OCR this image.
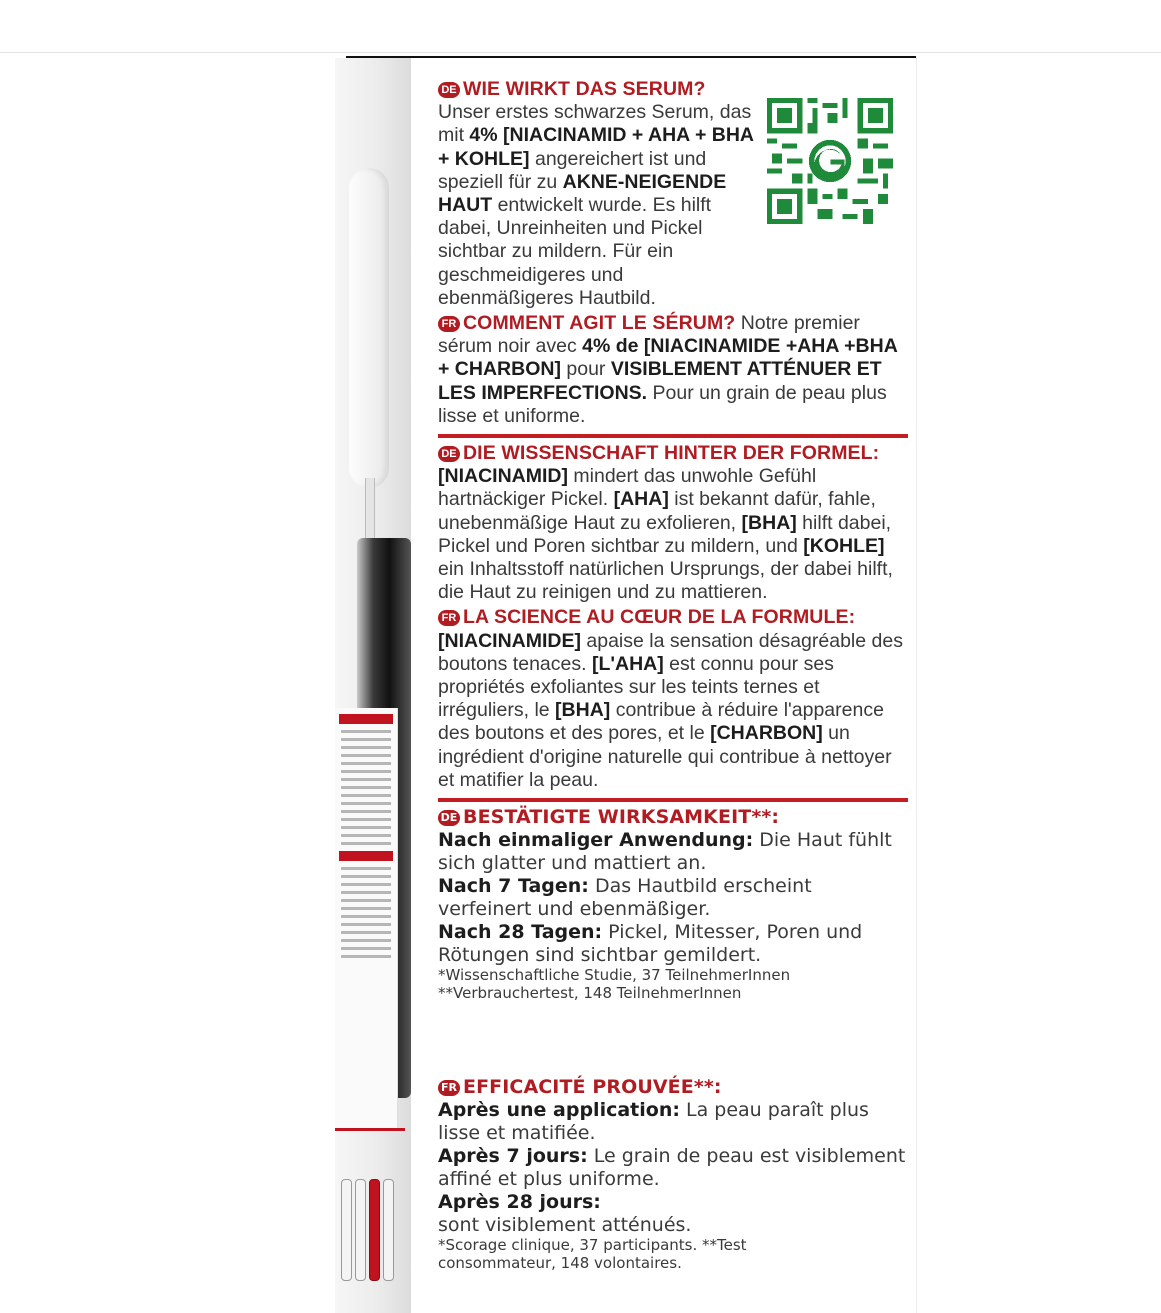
DE WIE WIRKT DAS SERUM? Unser erstes schwarzes Serum, das mit 4% [NIACINAMID + AHA + BHA + KOHLE] angereichert ist und speziell für zu AKNE-NEIGENDE HAUT entwickelt wurde. Es hilft dabei, Unreinheiten und Pickel sichtbar zu mildern. Für ein geschmeidigeres und ebenmäßigeres Hautbild.

FR COMMENT AGIT LE SÉRUM? Notre premier sérum noir avec 4% de [NIACINAMIDE +AHA +BHA + CHARBON] pour VISIBLEMENT ATTÉNUER ET LES IMPERFECTIONS. Pour un grain de peau plus lisse et uniforme.

DE DIE WISSENSCHAFT HINTER DER FORMEL:
[NIACINAMID] mindert das unwohle Gefühl hartnäckiger Pickel. [AHA] ist bekannt dafür, fahle, unebenmäßige Haut zu exfolieren, [BHA] hilft dabei, Pickel und Poren sichtbar zu mildern, und [KOHLE] ein Inhaltsstoff natürlichen Ursprungs, der dabei hilft, die Haut zu reinigen und zu mattieren.

FR LA SCIENCE AU CŒUR DE LA FORMULE:
[NIACINAMIDE] apaise la sensation désagréable des boutons tenaces. [L'AHA] est connu pour ses propriétés exfoliantes sur les teints ternes et irréguliers, le [BHA] contribue à réduire l'apparence des boutons et des pores, et le [CHARBON] un ingrédient d'origine naturelle qui contribue à nettoyer et matifier la peau.

DE BESTÄTIGTE WIRKSAMKEIT**:
Nach einmaliger Anwendung: Die Haut fühlt sich glatter und mattiert an.
Nach 7 Tagen: Das Hautbild erscheint verfeinert und ebenmäßiger.
Nach 28 Tagen: Pickel, Mitesser, Poren und Rötungen sind sichtbar gemildert.

*Wissenschaftliche Studie, 37 TeilnehmerInnen

**Verbrauchertest, 148 TeilnehmerInnen

FR EFFICACITÉ PROUVÉE**:
Après une application: La peau paraît plus lisse et matifiée.
Après 7 jours: Le grain de peau est visiblement affiné et plus uniforme.
Après 28 jours:
sont visiblement atténués.

*Scorage clinique, 37 participants. **Test consommateur, 148 volontaires.
